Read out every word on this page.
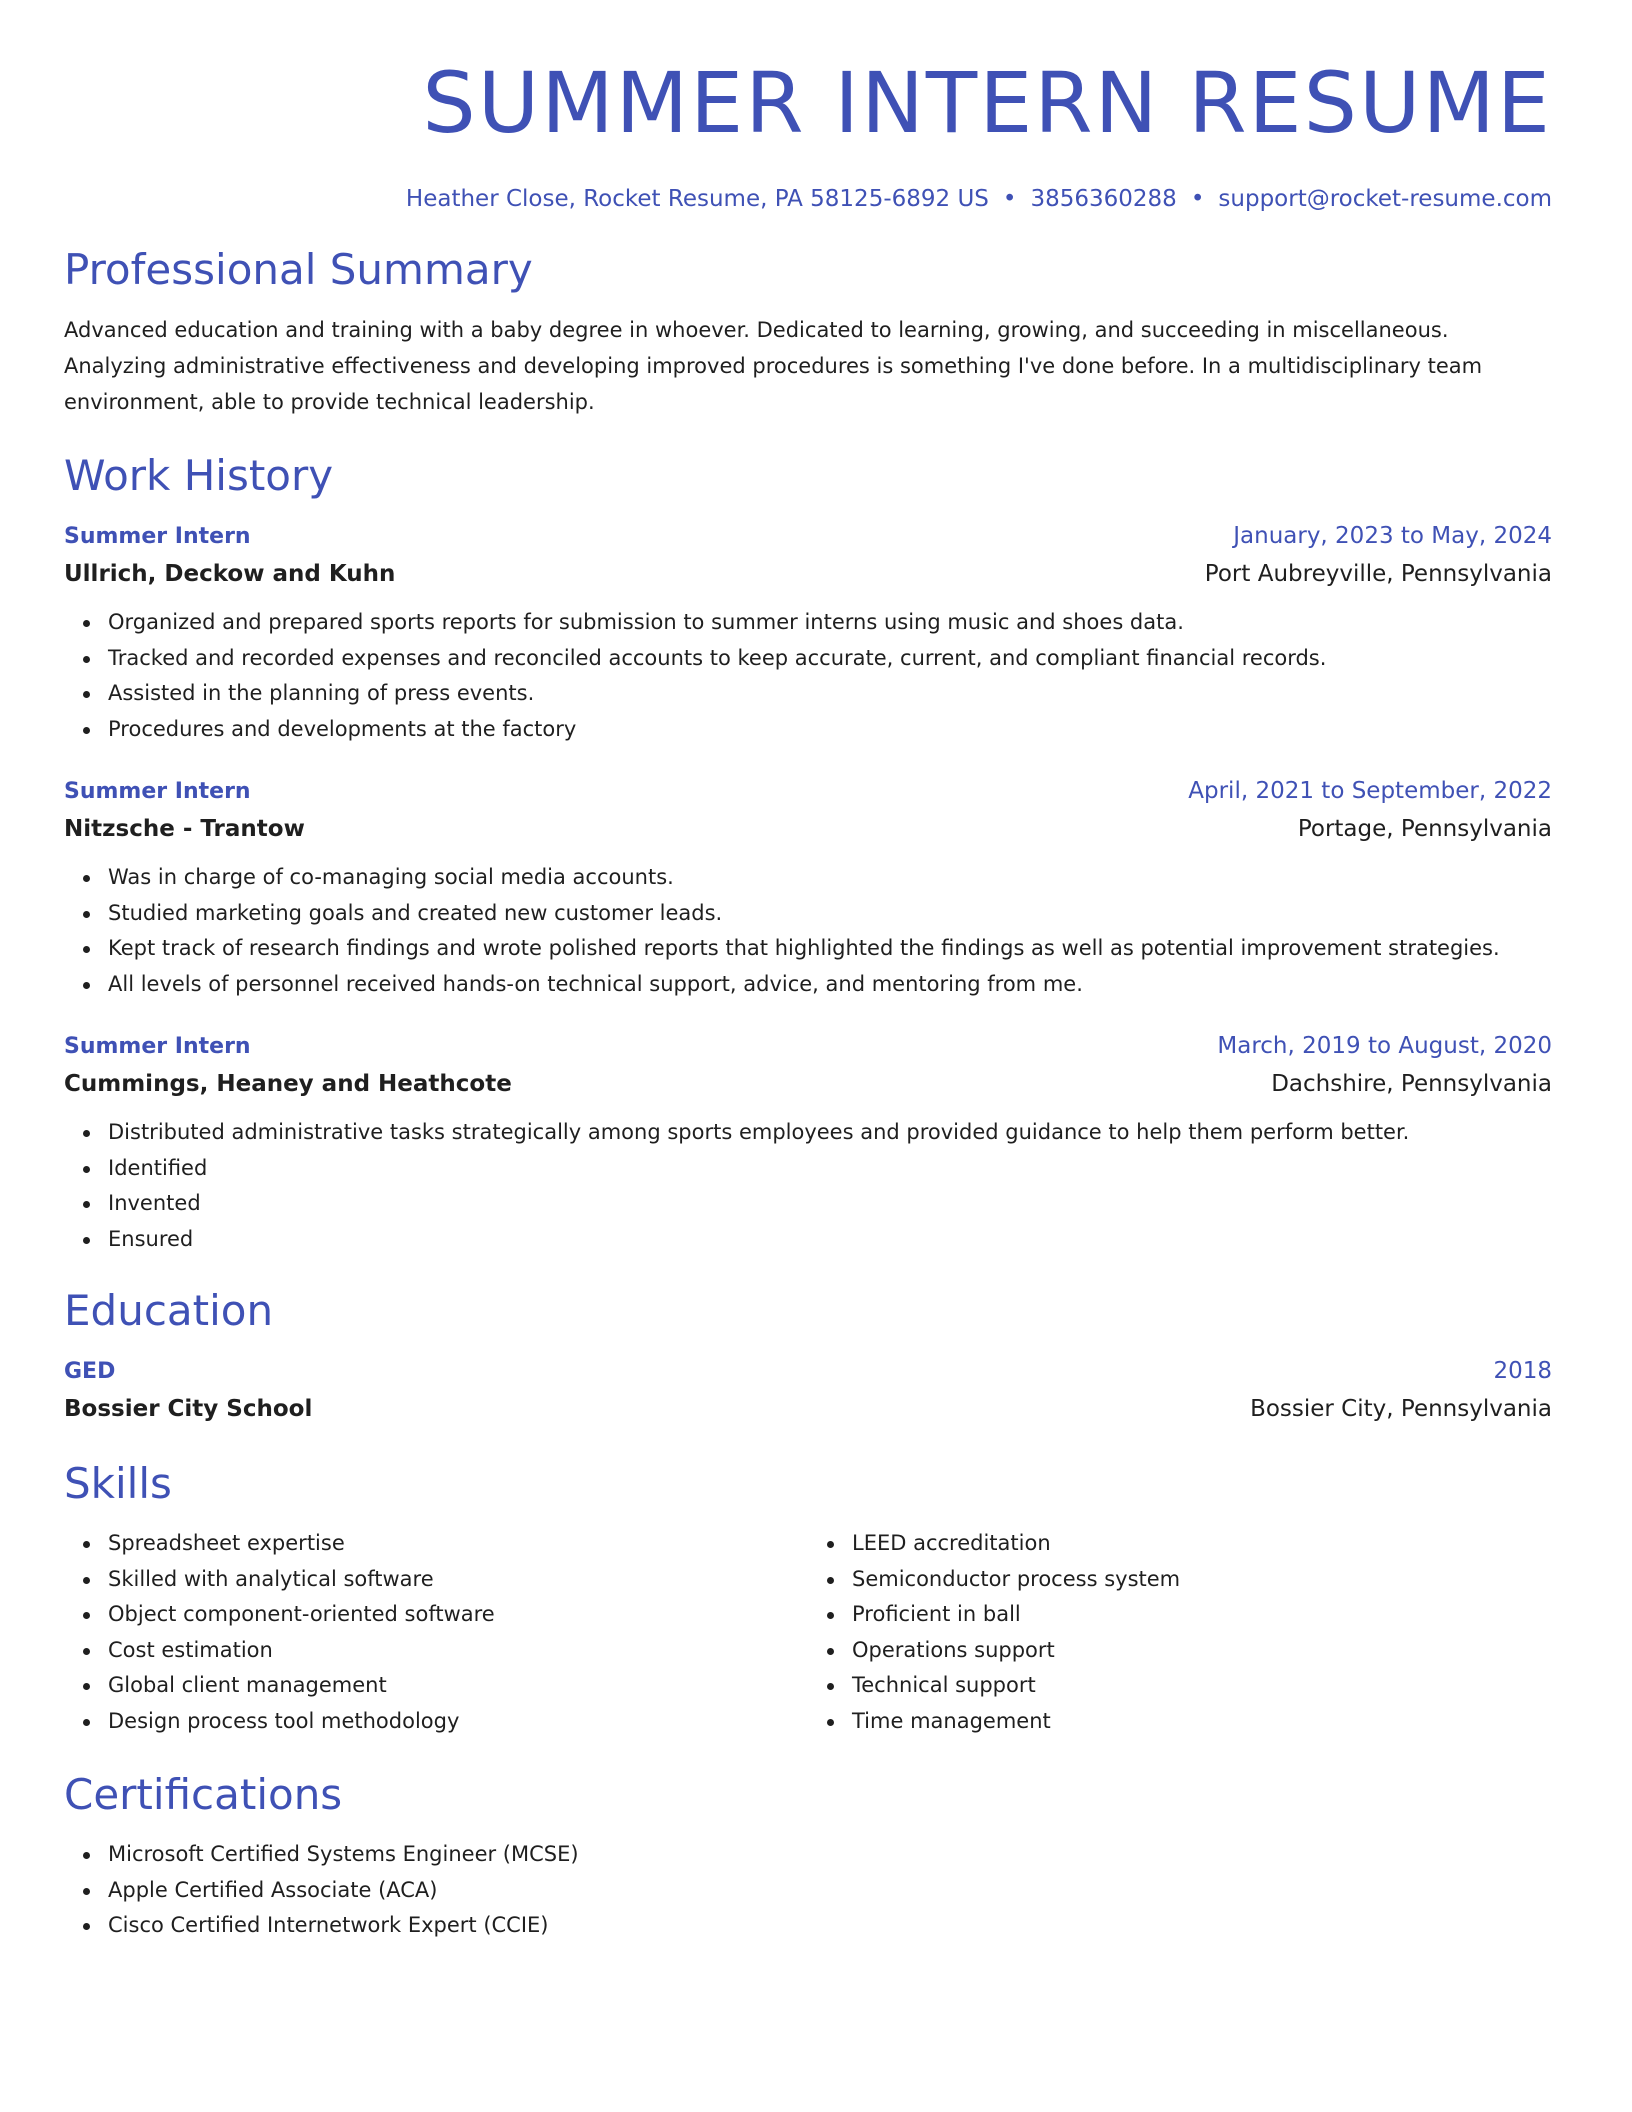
SUMMER INTERN RESUME
Heather Close, Rocket Resume, PA 58125-6892 US • 3856360288 • support@rocket-resume.com
Professional Summary

Advanced education and training with a baby degree in whoever. Dedicated to learning, growing, and succeeding in miscellaneous. Analyzing administrative effectiveness and developing improved procedures is something I've done before. In a multidisciplinary team environment, able to provide technical leadership.

Work History
Summer Intern	January, 2023 to May, 2024
Ullrich, Deckow and Kuhn	Port Aubreyville, Pennsylvania
Organized and prepared sports reports for submission to summer interns using music and shoes data.
Tracked and recorded expenses and reconciled accounts to keep accurate, current, and compliant financial records.
Assisted in the planning of press events.
Procedures and developments at the factory
Summer Intern	April, 2021 to September, 2022
Nitzsche - Trantow	Portage, Pennsylvania
Was in charge of co-managing social media accounts.
Studied marketing goals and created new customer leads.
Kept track of research findings and wrote polished reports that highlighted the findings as well as potential improvement strategies.
All levels of personnel received hands-on technical support, advice, and mentoring from me.
Summer Intern	March, 2019 to August, 2020
Cummings, Heaney and Heathcote	Dachshire, Pennsylvania
Distributed administrative tasks strategically among sports employees and provided guidance to help them perform better.
Identified
Invented
Ensured
Education
GED	2018
Bossier City School	Bossier City, Pennsylvania
Skills
Spreadsheet expertise
Skilled with analytical software
Object component-oriented software
Cost estimation
Global client management
Design process tool methodology
LEED accreditation
Semiconductor process system
Proficient in ball
Operations support
Technical support
Time management
Certifications
Microsoft Certified Systems Engineer (MCSE)
Apple Certified Associate (ACA)
Cisco Certified Internetwork Expert (CCIE)
